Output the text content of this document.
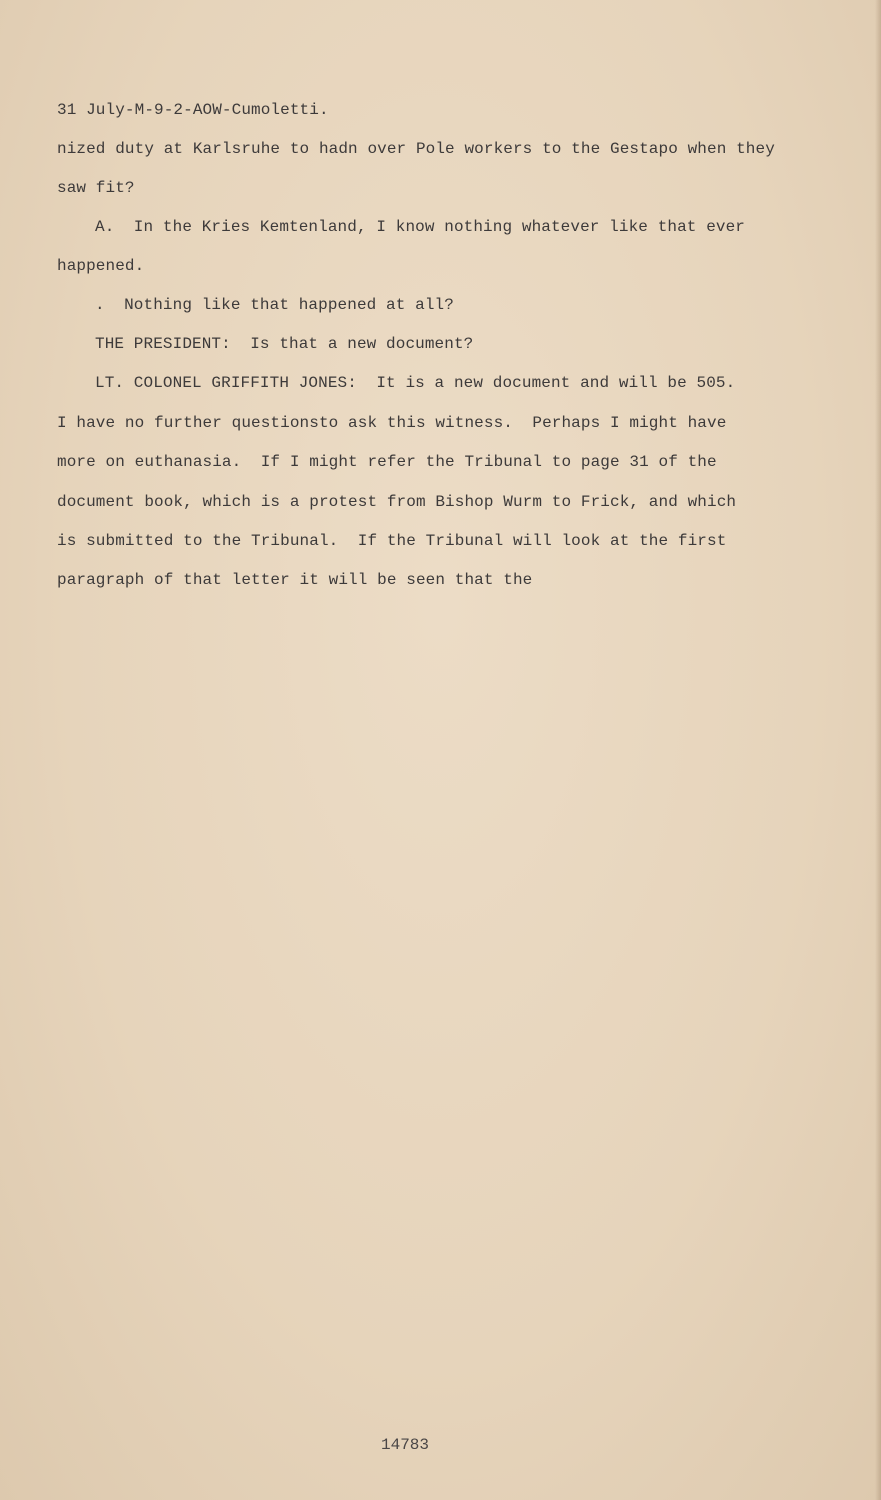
31 July-M-9-2-AOW-Cumoletti.
nized duty at Karlsruhe to hadn over Pole workers to the Gestapo when they
saw fit?
A.  In the Kries Kemtenland, I know nothing whatever like that ever
happened.
.  Nothing like that happened at all?
THE PRESIDENT:  Is that a new document?
LT. COLONEL GRIFFITH JONES:  It is a new document and will be 505.
I have no further questionsto ask this witness.  Perhaps I might have
more on euthanasia.  If I might refer the Tribunal to page 31 of the
document book, which is a protest from Bishop Wurm to Frick, and which
is submitted to the Tribunal.  If the Tribunal will look at the first
paragraph of that letter it will be seen that the
14783
